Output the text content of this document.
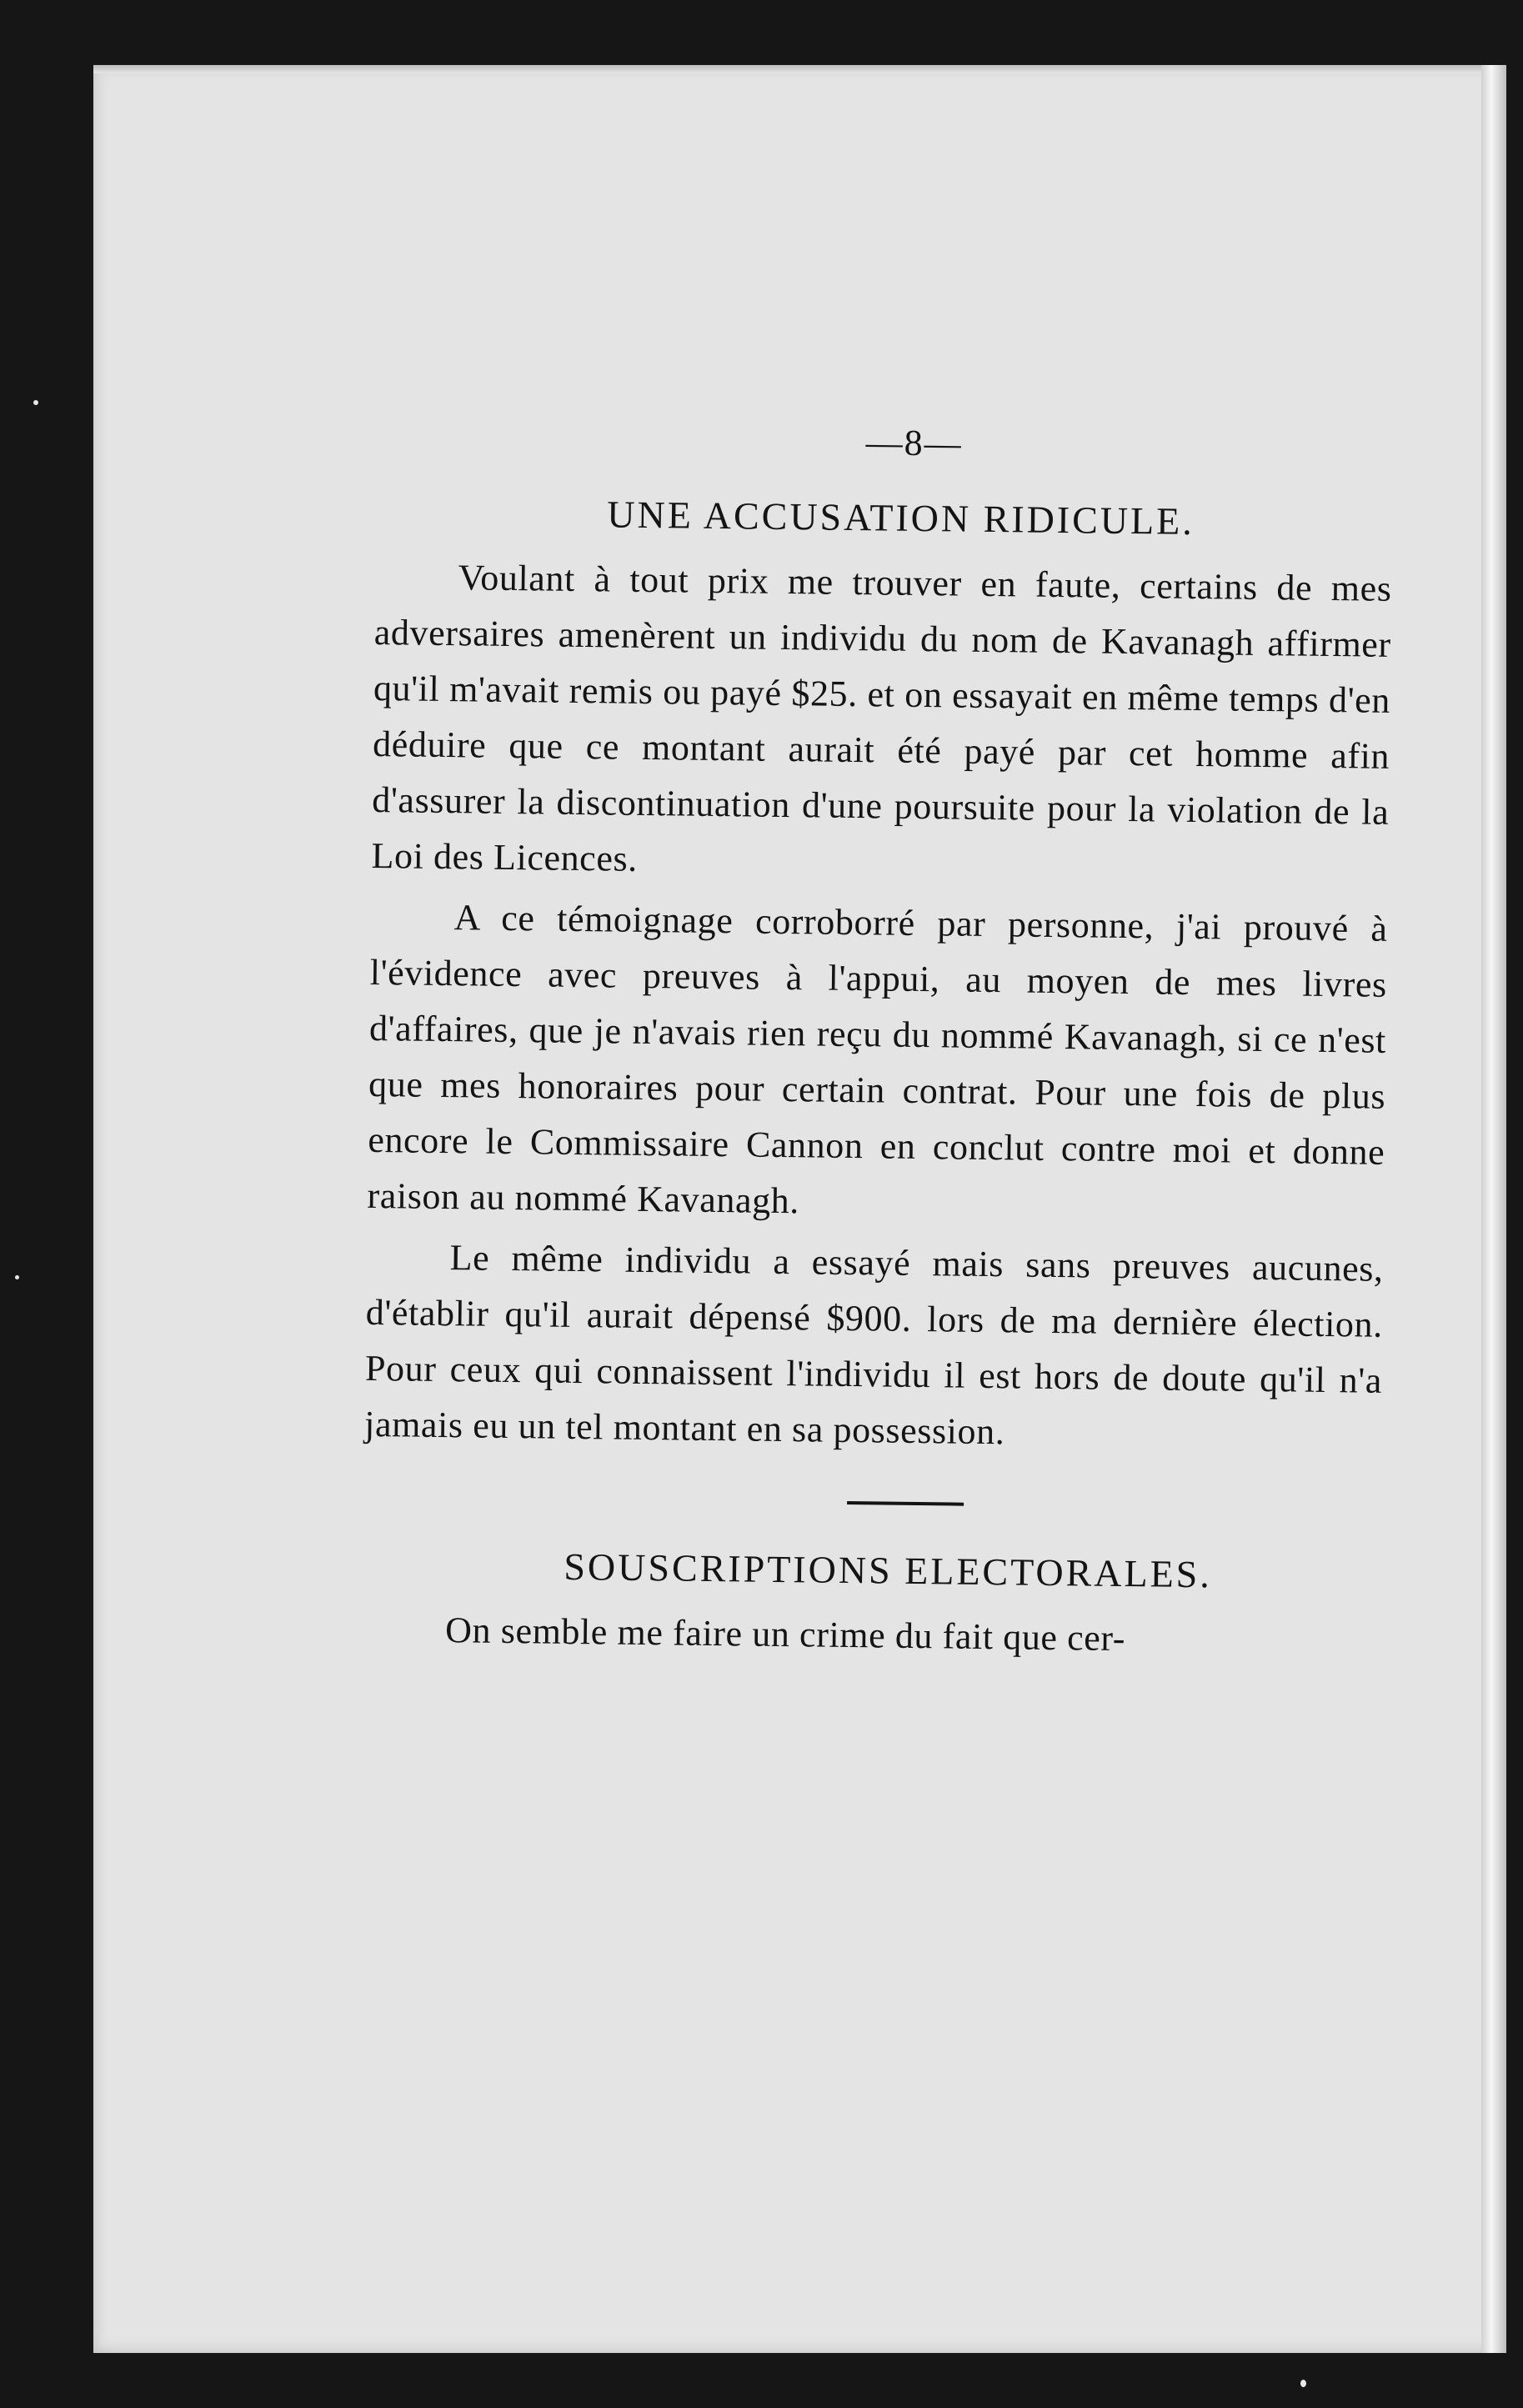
—8—
UNE ACCUSATION RIDICULE.

Voulant à tout prix me trouver en faute, certains de mes adversaires amenèrent un individu du nom de Kavanagh affirmer qu'il m'avait remis ou payé $25. et on essayait en même temps d'en déduire que ce montant aurait été payé par cet homme afin d'assurer la discontinuation d'une poursuite pour la violation de la Loi des Licences.

A ce témoignage corroborré par personne, j'ai prouvé à l'évidence avec preuves à l'appui, au moyen de mes livres d'affaires, que je n'avais rien reçu du nommé Kavanagh, si ce n'est que mes honoraires pour certain contrat. Pour une fois de plus encore le Commissaire Cannon en conclut contre moi et donne raison au nommé Kavanagh.

Le même individu a essayé mais sans preuves aucunes, d'établir qu'il aurait dépensé $900. lors de ma dernière élection. Pour ceux qui connaissent l'individu il est hors de doute qu'il n'a jamais eu un tel montant en sa possession.

SOUSCRIPTIONS ELECTORALES.

On semble me faire un crime du fait que cer-
